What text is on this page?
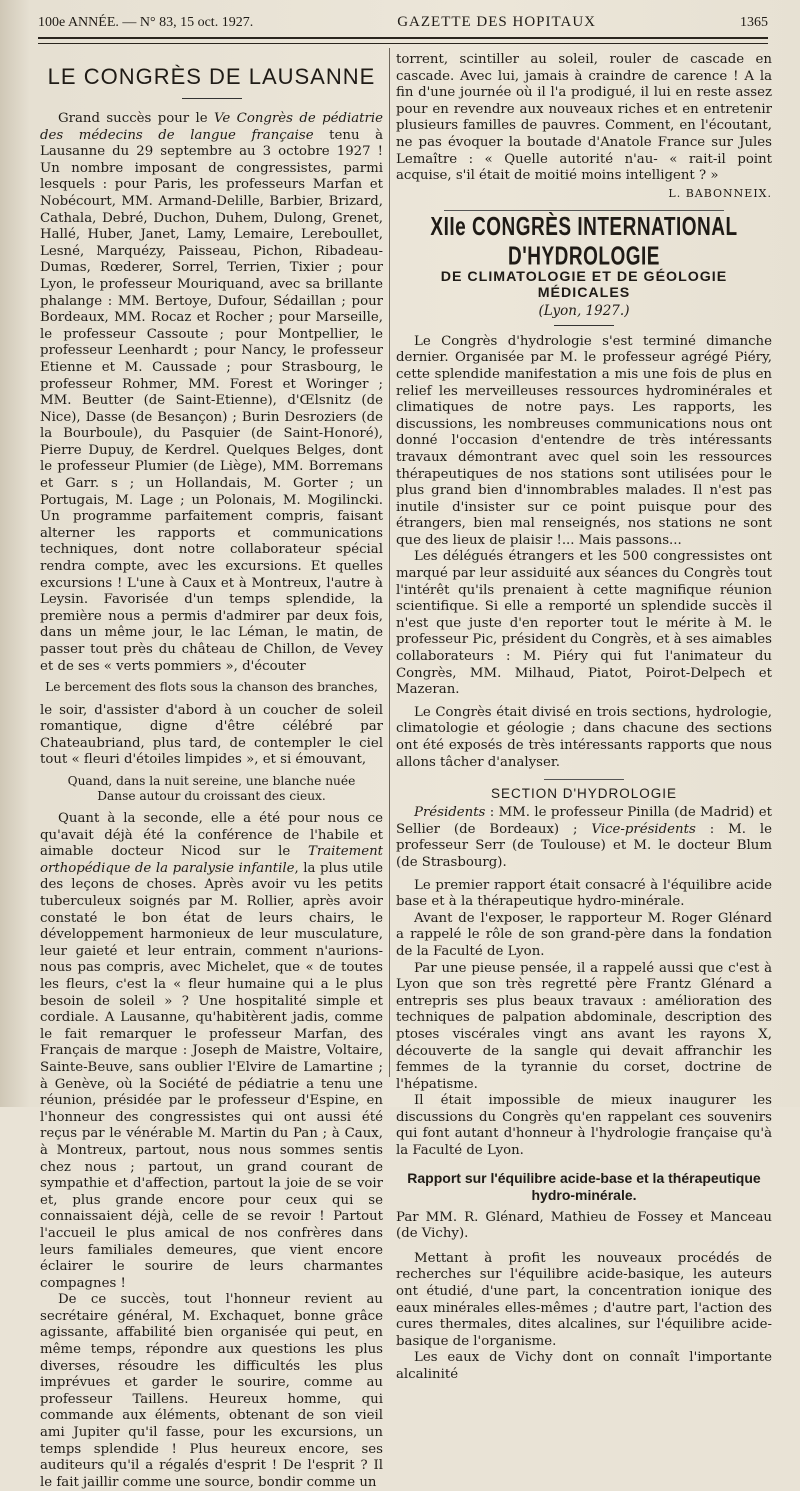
100e ANNÉE. — N° 83, 15 oct. 1927.	GAZETTE DES HOPITAUX	1365
LE CONGRÈS DE LAUSANNE

Grand succès pour le Ve Congrès de pédiatrie des médecins de langue française tenu à Lausanne du 29 septembre au 3 octobre 1927 ! Un nombre imposant de congressistes, parmi lesquels : pour Paris, les professeurs Marfan et Nobécourt, MM. Armand-Delille, Barbier, Brizard, Cathala, Debré, Duchon, Duhem, Dulong, Grenet, Hallé, Huber, Janet, Lamy, Lemaire, Lereboullet, Lesné, Marquézy, Paisseau, Pichon, Ribadeau-Dumas, Rœderer, Sorrel, Terrien, Tixier ; pour Lyon, le professeur Mouriquand, avec sa brillante phalange : MM. Bertoye, Dufour, Sédaillan ; pour Bordeaux, MM. Rocaz et Rocher ; pour Marseille, le professeur Cassoute ; pour Montpellier, le professeur Leenhardt ; pour Nancy, le professeur Etienne et M. Caussade ; pour Strasbourg, le professeur Rohmer, MM. Forest et Woringer ; MM. Beutter (de Saint-Etienne), d'Œlsnitz (de Nice), Dasse (de Besançon) ; Burin Desroziers (de la Bourboule), du Pasquier (de Saint-Honoré), Pierre Dupuy, de Kerdrel. Quelques Belges, dont le professeur Plumier (de Liège), MM. Borremans et Garr. s ; un Hollandais, M. Gorter ; un Portugais, M. Lage ; un Polonais, M. Mogilincki. Un programme parfaitement compris, faisant alterner les rapports et communications techniques, dont notre collaborateur spécial rendra compte, avec les excursions. Et quelles excursions ! L'une à Caux et à Montreux, l'autre à Leysin. Favorisée d'un temps splendide, la première nous a permis d'admirer par deux fois, dans un même jour, le lac Léman, le matin, de passer tout près du château de Chillon, de Vevey et de ses « verts pommiers », d'écouter

Le bercement des flots sous la chanson des branches,

le soir, d'assister d'abord à un coucher de soleil romantique, digne d'être célébré par Chateaubriand, plus tard, de contempler le ciel tout « fleuri d'étoiles limpides », et si émouvant,

Quand, dans la nuit sereine, une blanche nuée
Danse autour du croissant des cieux.

Quant à la seconde, elle a été pour nous ce qu'avait déjà été la conférence de l'habile et aimable docteur Nicod sur le Traitement orthopédique de la paralysie infantile, la plus utile des leçons de choses. Après avoir vu les petits tuberculeux soignés par M. Rollier, après avoir constaté le bon état de leurs chairs, le développement harmonieux de leur musculature, leur gaieté et leur entrain, comment n'aurions-nous pas compris, avec Michelet, que « de toutes les fleurs, c'est la « fleur humaine qui a le plus besoin de soleil » ? Une hospitalité simple et cordiale. A Lausanne, qu'habitèrent jadis, comme le fait remarquer le professeur Marfan, des Français de marque : Joseph de Maistre, Voltaire, Sainte-Beuve, sans oublier l'Elvire de Lamartine ; à Genève, où la Société de pédiatrie a tenu une réunion, présidée par le professeur d'Espine, en l'honneur des congressistes qui ont aussi été reçus par le vénérable M. Martin du Pan ; à Caux, à Montreux, partout, nous nous sommes sentis chez nous ; partout, un grand courant de sympathie et d'affection, partout la joie de se voir et, plus grande encore pour ceux qui se connaissaient déjà, celle de se revoir ! Partout l'accueil le plus amical de nos confrères dans leurs familiales demeures, que vient encore éclairer le sourire de leurs charmantes compagnes !

De ce succès, tout l'honneur revient au secrétaire général, M. Exchaquet, bonne grâce agissante, affabilité bien organisée qui peut, en même temps, répondre aux questions les plus diverses, résoudre les difficultés les plus imprévues et garder le sourire, comme au professeur Taillens. Heureux homme, qui commande aux éléments, obtenant de son vieil ami Jupiter qu'il fasse, pour les excursions, un temps splendide ! Plus heureux encore, ses auditeurs qu'il a régalés d'esprit ! De l'esprit ? Il le fait jaillir comme une source, bondir comme un

torrent, scintiller au soleil, rouler de cascade en cascade. Avec lui, jamais à craindre de carence ! A la fin d'une journée où il l'a prodigué, il lui en reste assez pour en revendre aux nouveaux riches et en entretenir plusieurs familles de pauvres. Comment, en l'écoutant, ne pas évoquer la boutade d'Anatole France sur Jules Lemaître : « Quelle autorité n'au- « rait-il point acquise, s'il était de moitié moins intelligent ? »

L. BABONNEIX.
XIIe CONGRÈS INTERNATIONAL D'HYDROLOGIE
DE CLIMATOLOGIE ET DE GÉOLOGIE MÉDICALES
(Lyon, 1927.)

Le Congrès d'hydrologie s'est terminé dimanche dernier. Organisée par M. le professeur agrégé Piéry, cette splendide manifestation a mis une fois de plus en relief les merveilleuses ressources hydrominérales et climatiques de notre pays. Les rapports, les discussions, les nombreuses communications nous ont donné l'occasion d'entendre de très intéressants travaux démontrant avec quel soin les ressources thérapeutiques de nos stations sont utilisées pour le plus grand bien d'innombrables malades. Il n'est pas inutile d'insister sur ce point puisque pour des étrangers, bien mal renseignés, nos stations ne sont que des lieux de plaisir !... Mais passons...

Les délégués étrangers et les 500 congressistes ont marqué par leur assiduité aux séances du Congrès tout l'intérêt qu'ils prenaient à cette magnifique réunion scientifique. Si elle a remporté un splendide succès il n'est que juste d'en reporter tout le mérite à M. le professeur Pic, président du Congrès, et à ses aimables collaborateurs : M. Piéry qui fut l'animateur du Congrès, MM. Milhaud, Piatot, Poirot-Delpech et Mazeran.

Le Congrès était divisé en trois sections, hydrologie, climatologie et géologie ; dans chacune des sections ont été exposés de très intéressants rapports que nous allons tâcher d'analyser.

SECTION D'HYDROLOGIE

Présidents : MM. le professeur Pinilla (de Madrid) et Sellier (de Bordeaux) ; Vice-présidents : M. le professeur Serr (de Toulouse) et M. le docteur Blum (de Strasbourg).

Le premier rapport était consacré à l'équilibre acide base et à la thérapeutique hydro-minérale.

Avant de l'exposer, le rapporteur M. Roger Glénard a rappelé le rôle de son grand-père dans la fondation de la Faculté de Lyon.

Par une pieuse pensée, il a rappelé aussi que c'est à Lyon que son très regretté père Frantz Glénard a entrepris ses plus beaux travaux : amélioration des techniques de palpation abdominale, description des ptoses viscérales vingt ans avant les rayons X, découverte de la sangle qui devait affranchir les femmes de la tyrannie du corset, doctrine de l'hépatisme.

Il était impossible de mieux inaugurer les discussions du Congrès qu'en rappelant ces souvenirs qui font autant d'honneur à l'hydrologie française qu'à la Faculté de Lyon.

Rapport sur l'équilibre acide-base et la thérapeutique hydro-minérale.

Par MM. R. Glénard, Mathieu de Fossey et Manceau (de Vichy).

Mettant à profit les nouveaux procédés de recherches sur l'équilibre acide-basique, les auteurs ont étudié, d'une part, la concentration ionique des eaux minérales elles-mêmes ; d'autre part, l'action des cures thermales, dites alcalines, sur l'équilibre acide-basique de l'organisme.

Les eaux de Vichy dont on connaît l'importante alcalinité
